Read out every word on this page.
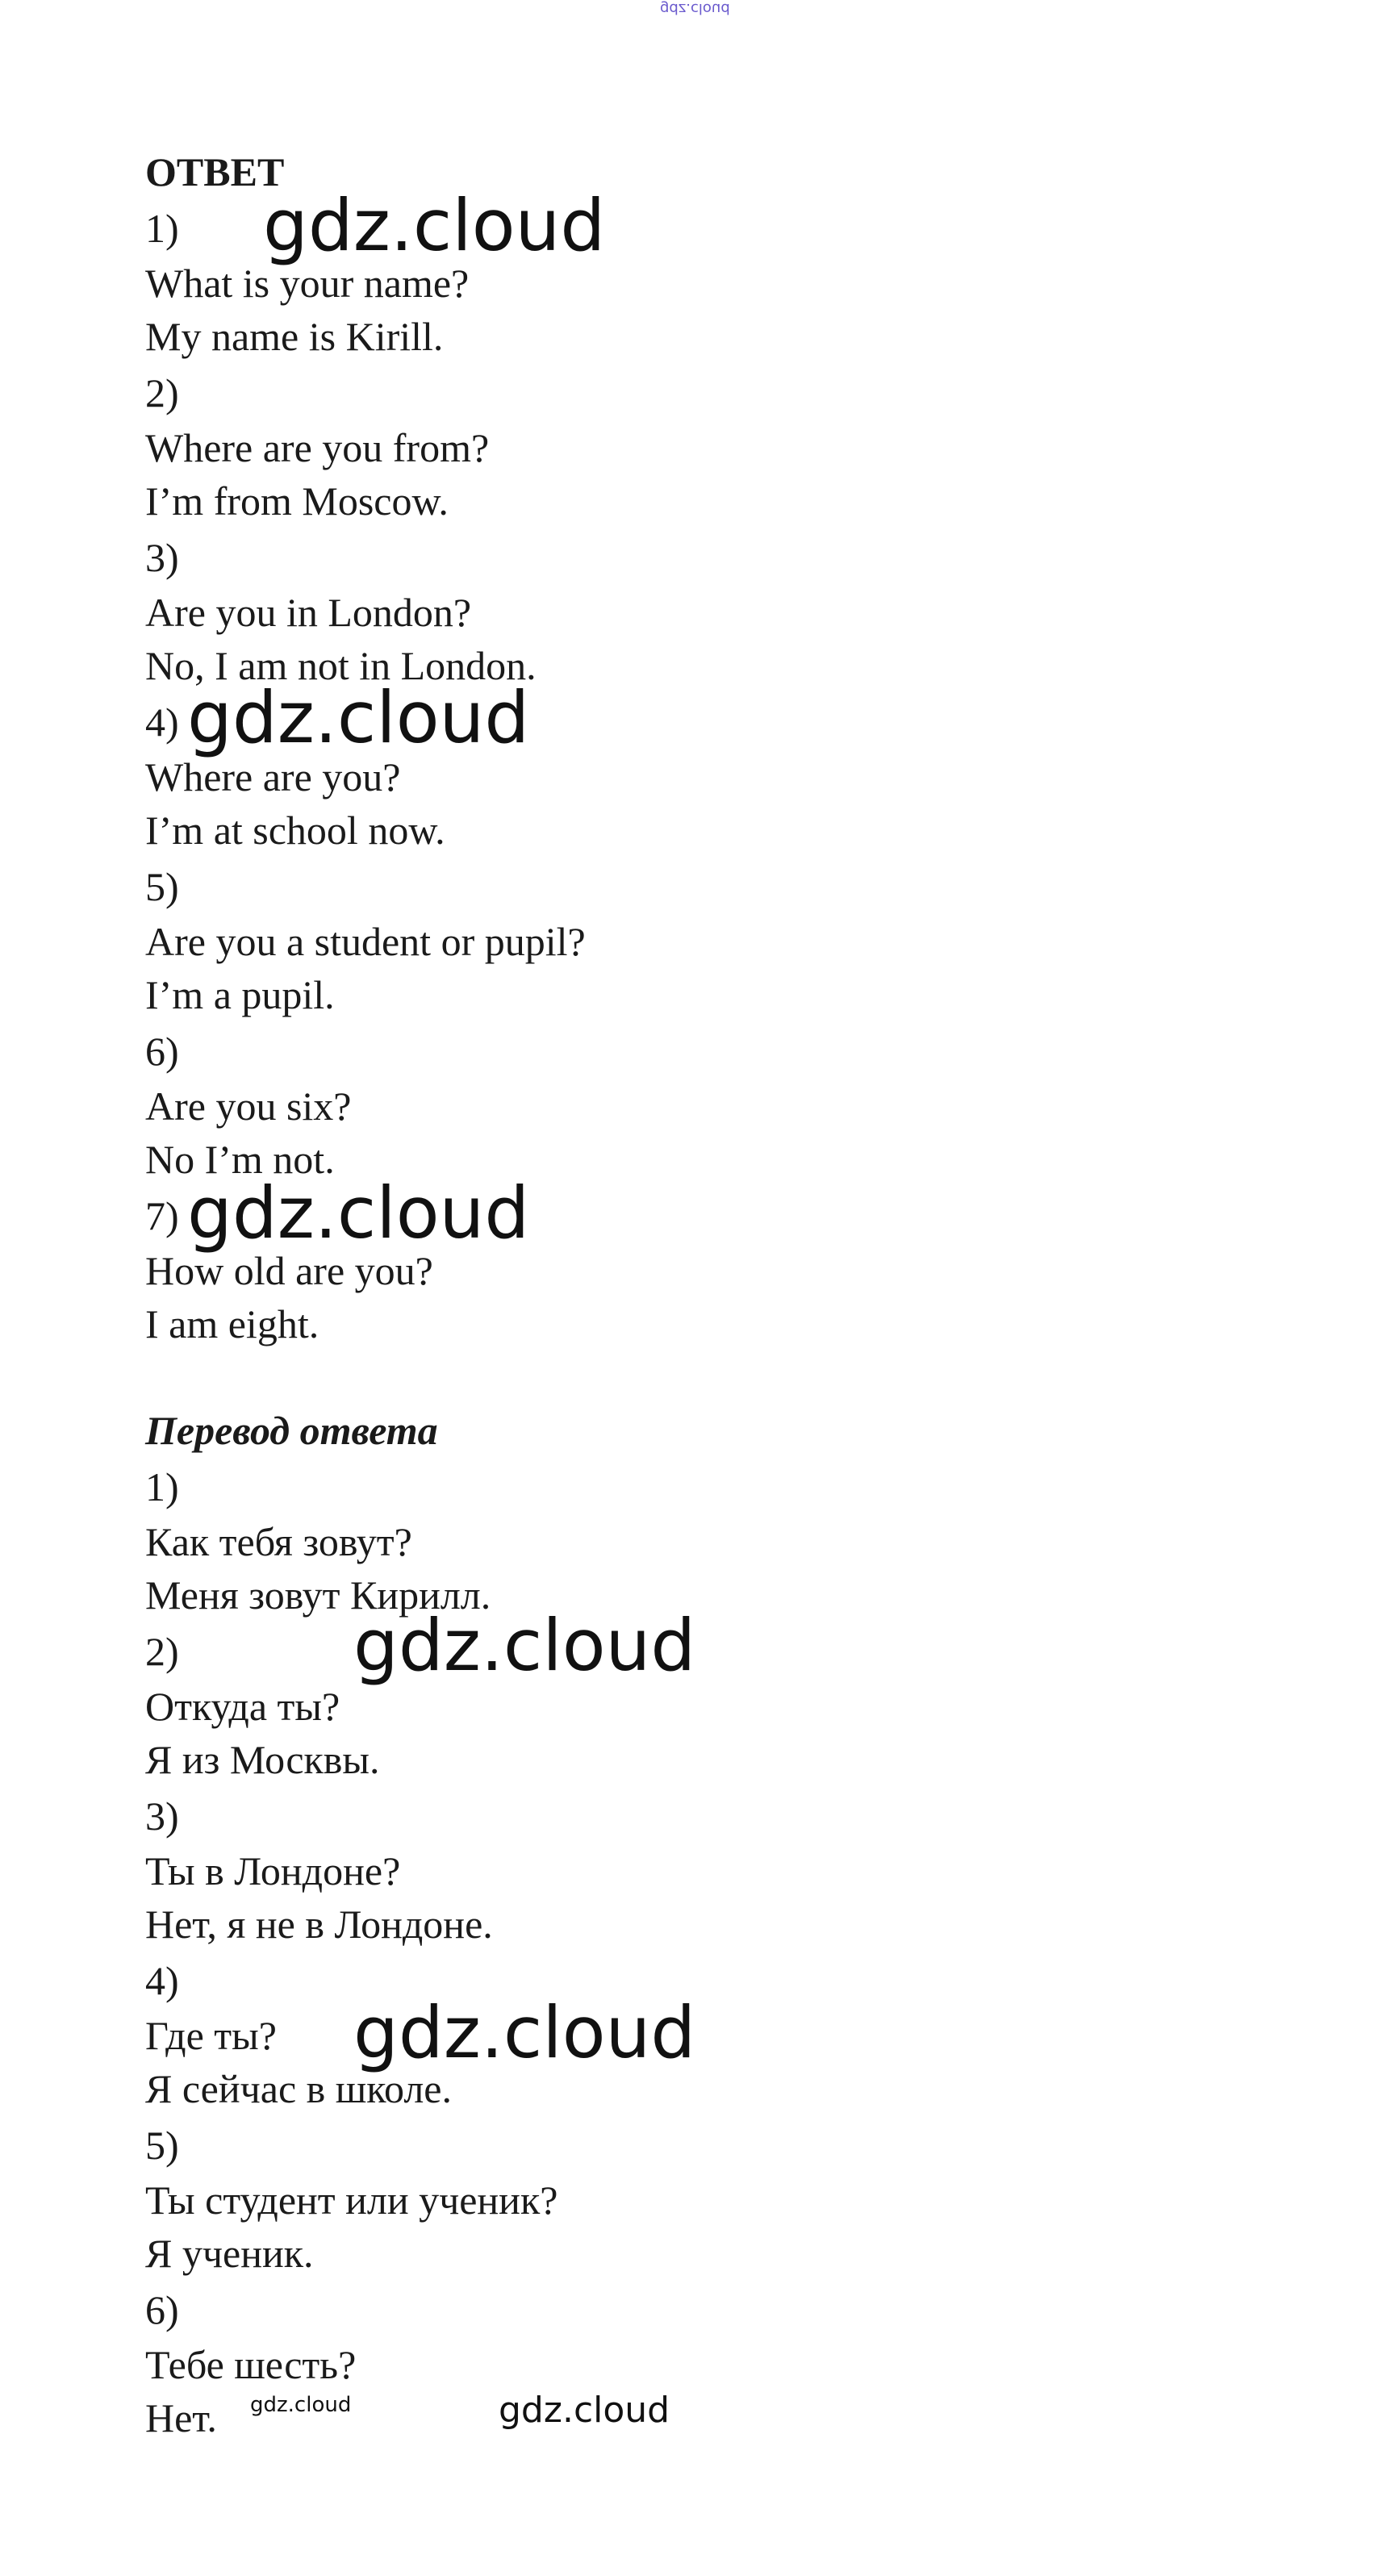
gdz.cloud
ОТВЕТ
1)
What is your name?
My name is Kirill.
2)
Where are you from?
I’m from Moscow.
3)
Are you in London?
No, I am not in London.
4)
Where are you?
I’m at school now.
5)
Are you a student or pupil?
I’m a pupil.
6)
Are you six?
No I’m not.
7)
How old are you?
I am eight.
Перевод ответа
1)
Как тебя зовут?
Меня зовут Кирилл.
2)
Откуда ты?
Я из Москвы.
3)
Ты в Лондоне?
Нет, я не в Лондоне.
4)
Где ты?
Я сейчас в школе.
5)
Ты студент или ученик?
Я ученик.
6)
Тебе шесть?
Нет.
gdz.cloud
gdz.cloud
gdz.cloud
gdz.cloud
gdz.cloud
gdz.cloud	gdz.cloud
